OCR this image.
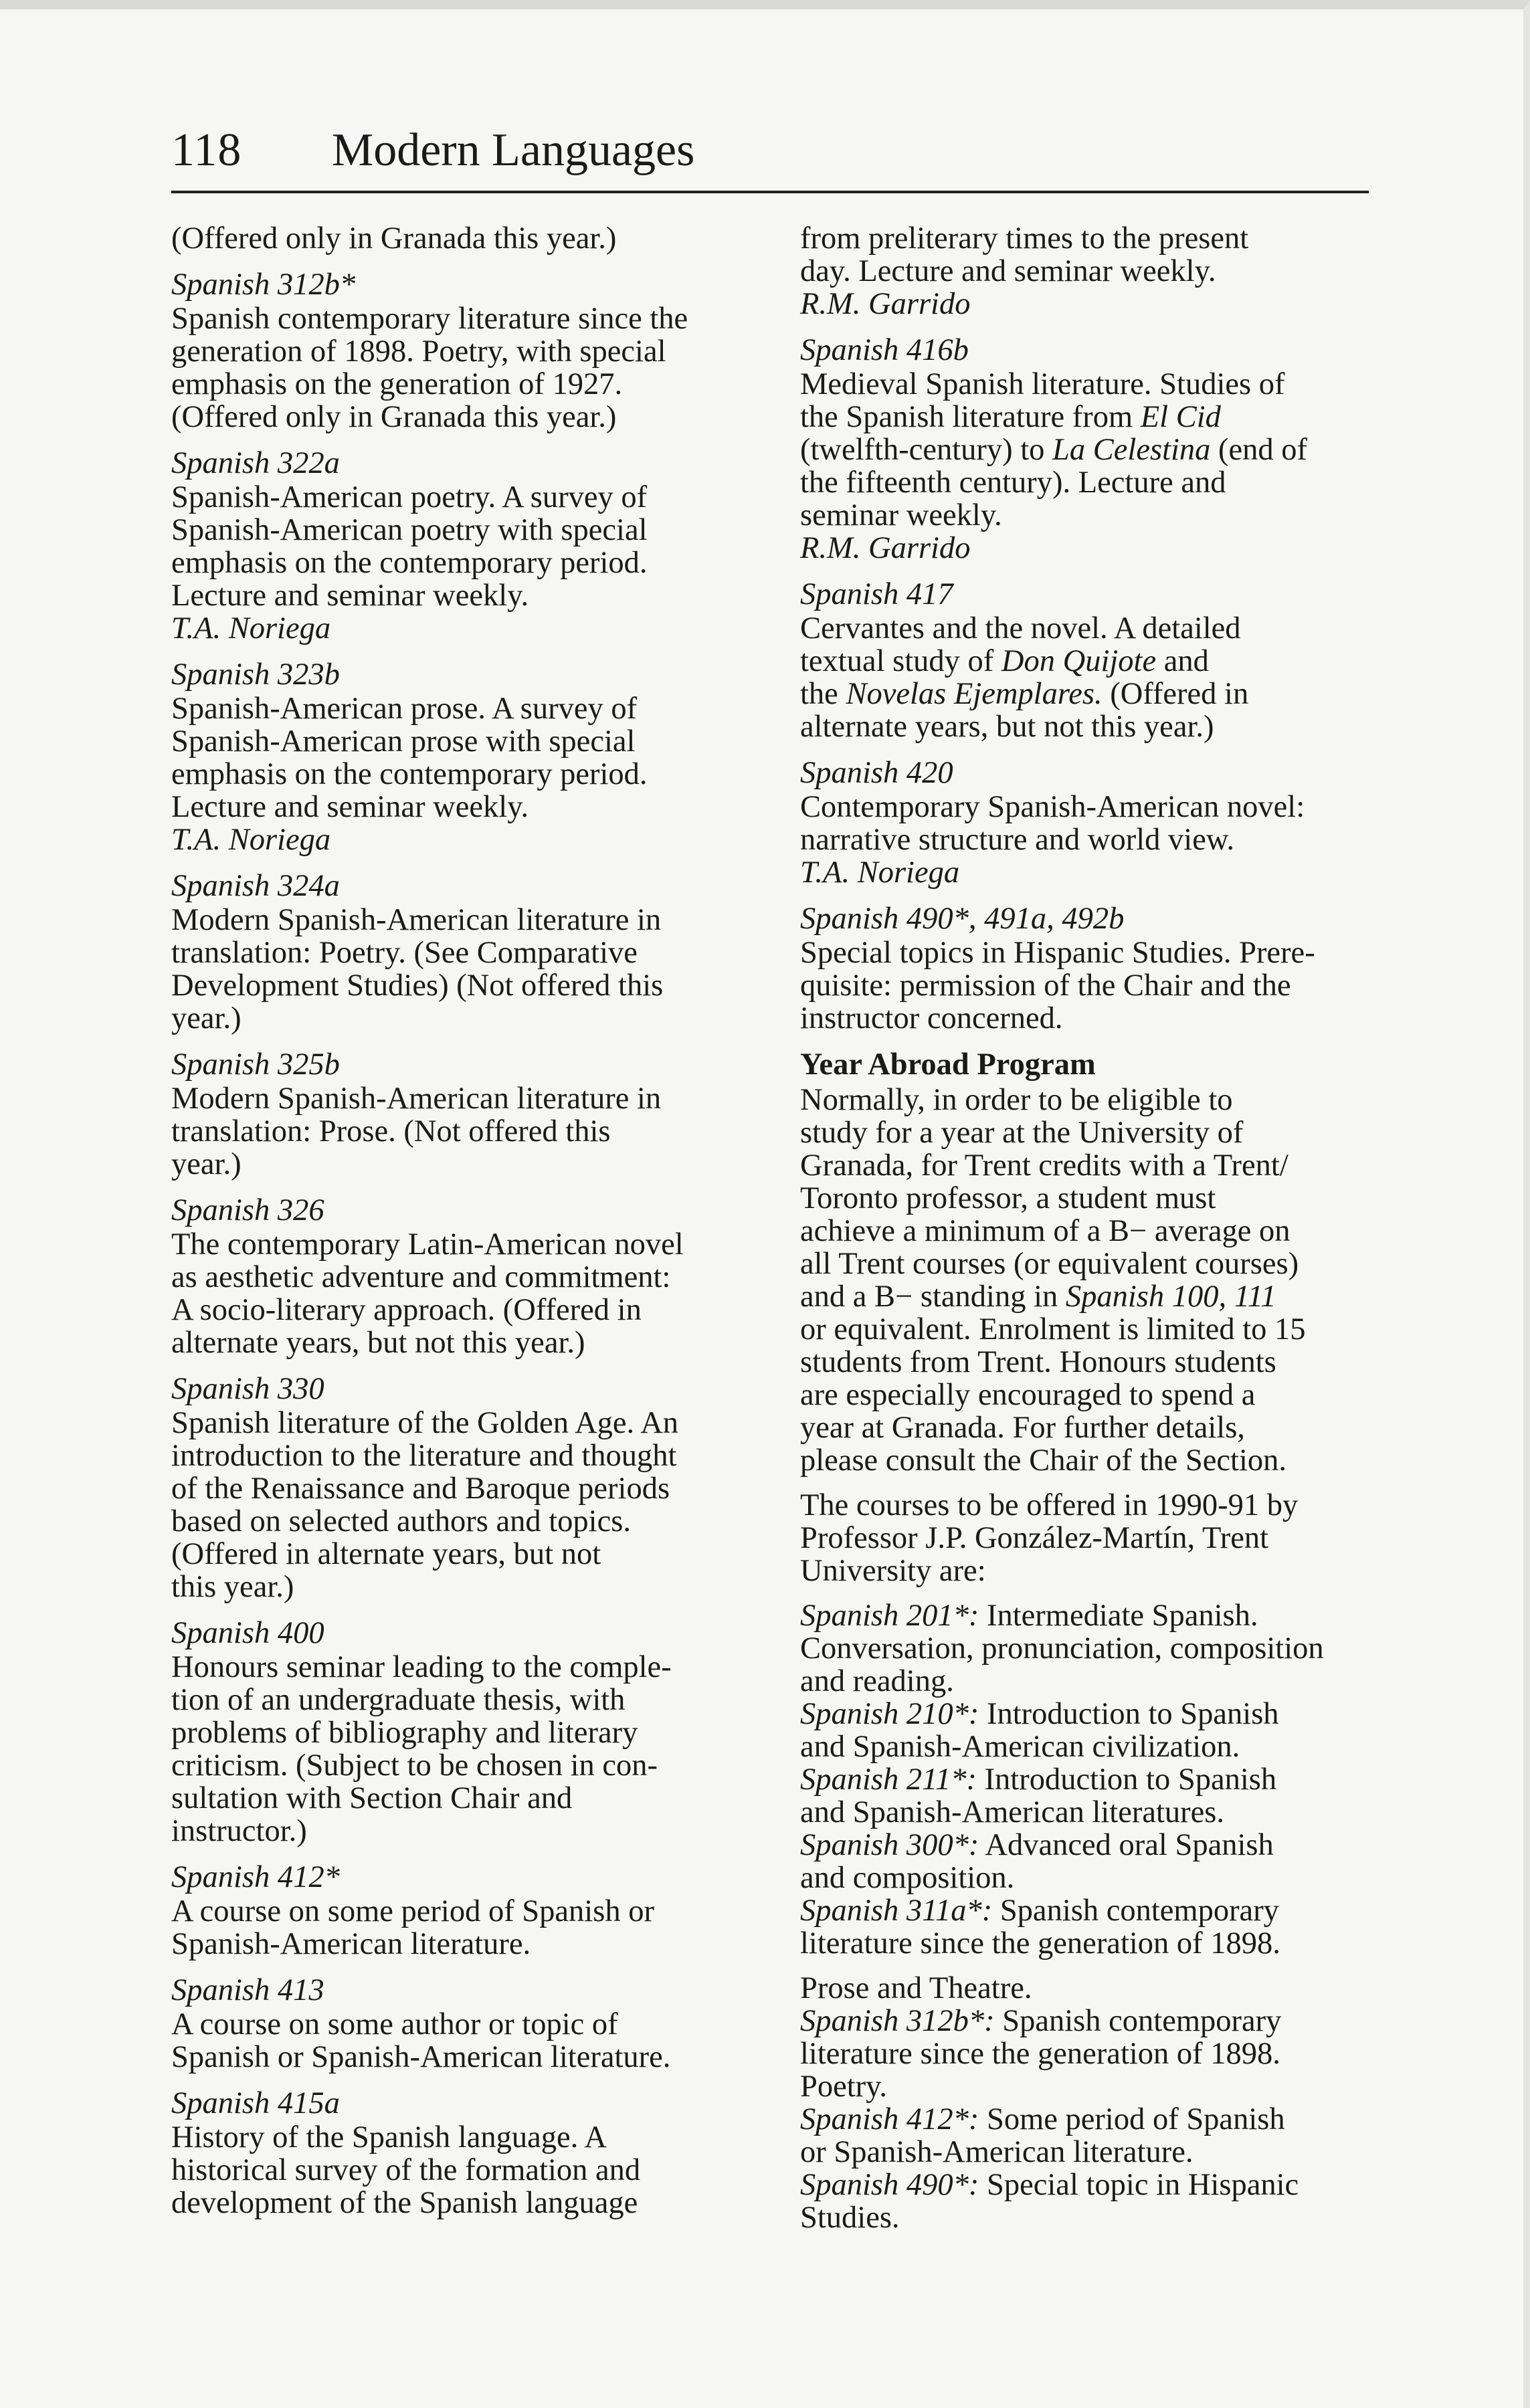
118 Modern Languages
(Offered only in Granada this year.)
Spanish 312b*
Spanish contemporary literature since the
generation of 1898. Poetry, with special
emphasis on the generation of 1927.
(Offered only in Granada this year.)
Spanish 322a
Spanish-American poetry. A survey of
Spanish-American poetry with special
emphasis on the contemporary period.
Lecture and seminar weekly.
T.A. Noriega
Spanish 323b
Spanish-American prose. A survey of
Spanish-American prose with special
emphasis on the contemporary period.
Lecture and seminar weekly.
T.A. Noriega
Spanish 324a
Modern Spanish-American literature in
translation: Poetry. (See Comparative
Development Studies) (Not offered this
year.)
Spanish 325b
Modern Spanish-American literature in
translation: Prose. (Not offered this
year.)
Spanish 326
The contemporary Latin-American novel
as aesthetic adventure and commitment:
A socio-literary approach. (Offered in
alternate years, but not this year.)
Spanish 330
Spanish literature of the Golden Age. An
introduction to the literature and thought
of the Renaissance and Baroque periods
based on selected authors and topics.
(Offered in alternate years, but not
this year.)
Spanish 400
Honours seminar leading to the comple-
tion of an undergraduate thesis, with
problems of bibliography and literary
criticism. (Subject to be chosen in con-
sultation with Section Chair and
instructor.)
Spanish 412*
A course on some period of Spanish or
Spanish-American literature.
Spanish 413
A course on some author or topic of
Spanish or Spanish-American literature.
Spanish 415a
History of the Spanish language. A
historical survey of the formation and
development of the Spanish language
from preliterary times to the present
day. Lecture and seminar weekly.
R.M. Garrido
Spanish 416b
Medieval Spanish literature. Studies of
the Spanish literature from El Cid
(twelfth-century) to La Celestina (end of
the fifteenth century). Lecture and
seminar weekly.
R.M. Garrido
Spanish 417
Cervantes and the novel. A detailed
textual study of Don Quijote and
the Novelas Ejemplares. (Offered in
alternate years, but not this year.)
Spanish 420
Contemporary Spanish-American novel:
narrative structure and world view.
T.A. Noriega
Spanish 490*, 491a, 492b
Special topics in Hispanic Studies. Prere-
quisite: permission of the Chair and the
instructor concerned.
Year Abroad Program
Normally, in order to be eligible to
study for a year at the University of
Granada, for Trent credits with a Trent/
Toronto professor, a student must
achieve a minimum of a B− average on
all Trent courses (or equivalent courses)
and a B− standing in Spanish 100, 111
or equivalent. Enrolment is limited to 15
students from Trent. Honours students
are especially encouraged to spend a
year at Granada. For further details,
please consult the Chair of the Section.
The courses to be offered in 1990-91 by
Professor J.P. González-Martín, Trent
University are:
Spanish 201*: Intermediate Spanish.
Conversation, pronunciation, composition
and reading.
Spanish 210*: Introduction to Spanish
and Spanish-American civilization.
Spanish 211*: Introduction to Spanish
and Spanish-American literatures.
Spanish 300*: Advanced oral Spanish
and composition.
Spanish 311a*: Spanish contemporary
literature since the generation of 1898.
Prose and Theatre.
Spanish 312b*: Spanish contemporary
literature since the generation of 1898.
Poetry.
Spanish 412*: Some period of Spanish
or Spanish-American literature.
Spanish 490*: Special topic in Hispanic
Studies.
